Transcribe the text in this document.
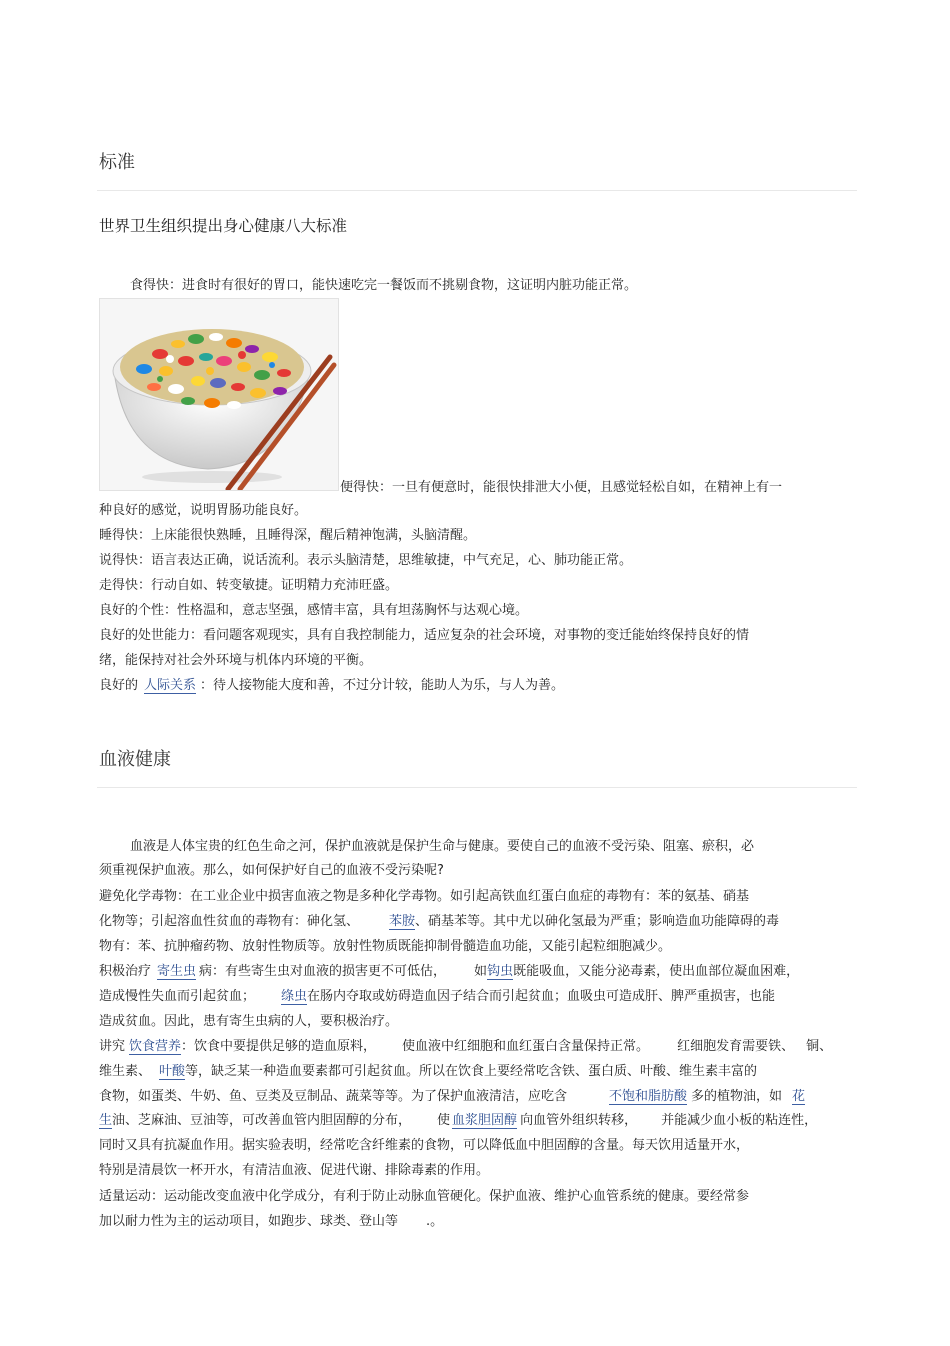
标准
世界卫生组织提出身心健康八大标准
食得快：进食时有很好的胃口，能快速吃完一餐饭而不挑剔食物，这证明内脏功能正常。
便得快：一旦有便意时，能很快排泄大小便，且感觉轻松自如，在精神上有一
种良好的感觉，说明胃肠功能良好。
睡得快：上床能很快熟睡，且睡得深，醒后精神饱满，头脑清醒。
说得快：语言表达正确，说话流利。表示头脑清楚，思维敏捷，中气充足，心、肺功能正常。
走得快：行动自如、转变敏捷。证明精力充沛旺盛。
良好的个性：性格温和，意志坚强，感情丰富，具有坦荡胸怀与达观心境。
良好的处世能力：看问题客观现实，具有自我控制能力，适应复杂的社会环境，对事物的变迁能始终保持良好的情
绪，能保持对社会外环境与机体内环境的平衡。
良好的 人际关系 ：待人接物能大度和善，不过分计较，能助人为乐，与人为善。
血液健康
血液是人体宝贵的红色生命之河，保护血液就是保护生命与健康。要使自己的血液不受污染、阻塞、瘀积，必
须重视保护血液。那么，如何保护好自己的血液不受污染呢?
避免化学毒物：在工业企业中损害血液之物是多种化学毒物。如引起高铁血红蛋白血症的毒物有：苯的氨基、硝基
化物等；引起溶血性贫血的毒物有：砷化氢、 苯胺、硝基苯等。其中尤以砷化氢最为严重；影响造血功能障碍的毒
物有：苯、抗肿瘤药物、放射性物质等。放射性物质既能抑制骨髓造血功能，又能引起粒细胞减少。
积极治疗 寄生虫 病：有些寄生虫对血液的损害更不可低估， 如钩虫既能吸血，又能分泌毒素，使出血部位凝血困难，
造成慢性失血而引起贫血； 绦虫在肠内夺取或妨碍造血因子结合而引起贫血；血吸虫可造成肝、脾严重损害，也能
造成贫血。因此，患有寄生虫病的人，要积极治疗。
讲究 饮食营养：饮食中要提供足够的造血原料， 使血液中红细胞和血红蛋白含量保持正常。 红细胞发育需要铁、 铜、
维生素、 叶酸等，缺乏某一种造血要素都可引起贫血。所以在饮食上要经常吃含铁、蛋白质、叶酸、维生素丰富的
食物，如蛋类、牛奶、鱼、豆类及豆制品、蔬菜等等。为了保护血液清洁，应吃含	不饱和脂肪酸 多的植物油，如 花
生油、芝麻油、豆油等，可改善血管内胆固醇的分布， 使 血浆胆固醇 向血管外组织转移， 并能减少血小板的粘连性，
同时又具有抗凝血作用。据实验表明，经常吃含纤维素的食物，可以降低血中胆固醇的含量。每天饮用适量开水，
特别是清晨饮一杯开水，有清洁血液、促进代谢、排除毒素的作用。
适量运动：运动能改变血液中化学成分，有利于防止动脉血管硬化。保护血液、维护心血管系统的健康。要经常参
加以耐力性为主的运动项目，如跑步、球类、登山等 .。
